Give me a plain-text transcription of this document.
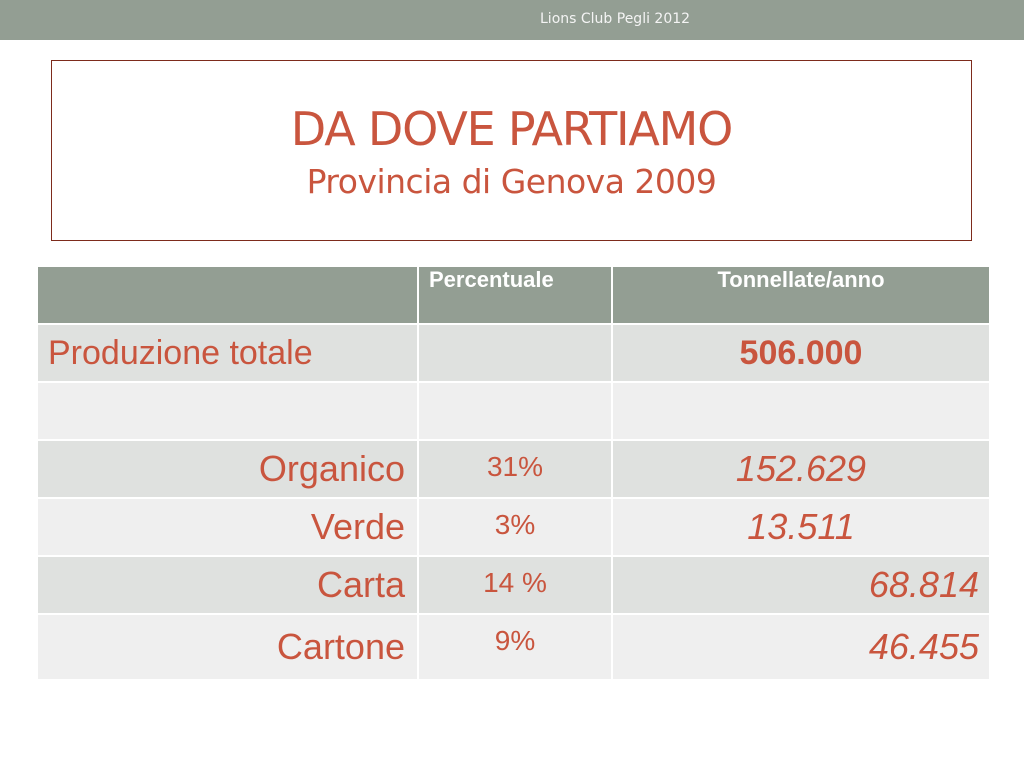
Lions Club Pegli 2012
DA DOVE PARTIAMO
Provincia di Genova 2009
	Percentuale	Tonnellate/anno
Produzione totale		506.000

Organico	31%	152.629
Verde	3%	13.511
Carta	14 %	68.814
Cartone	9%	46.455
